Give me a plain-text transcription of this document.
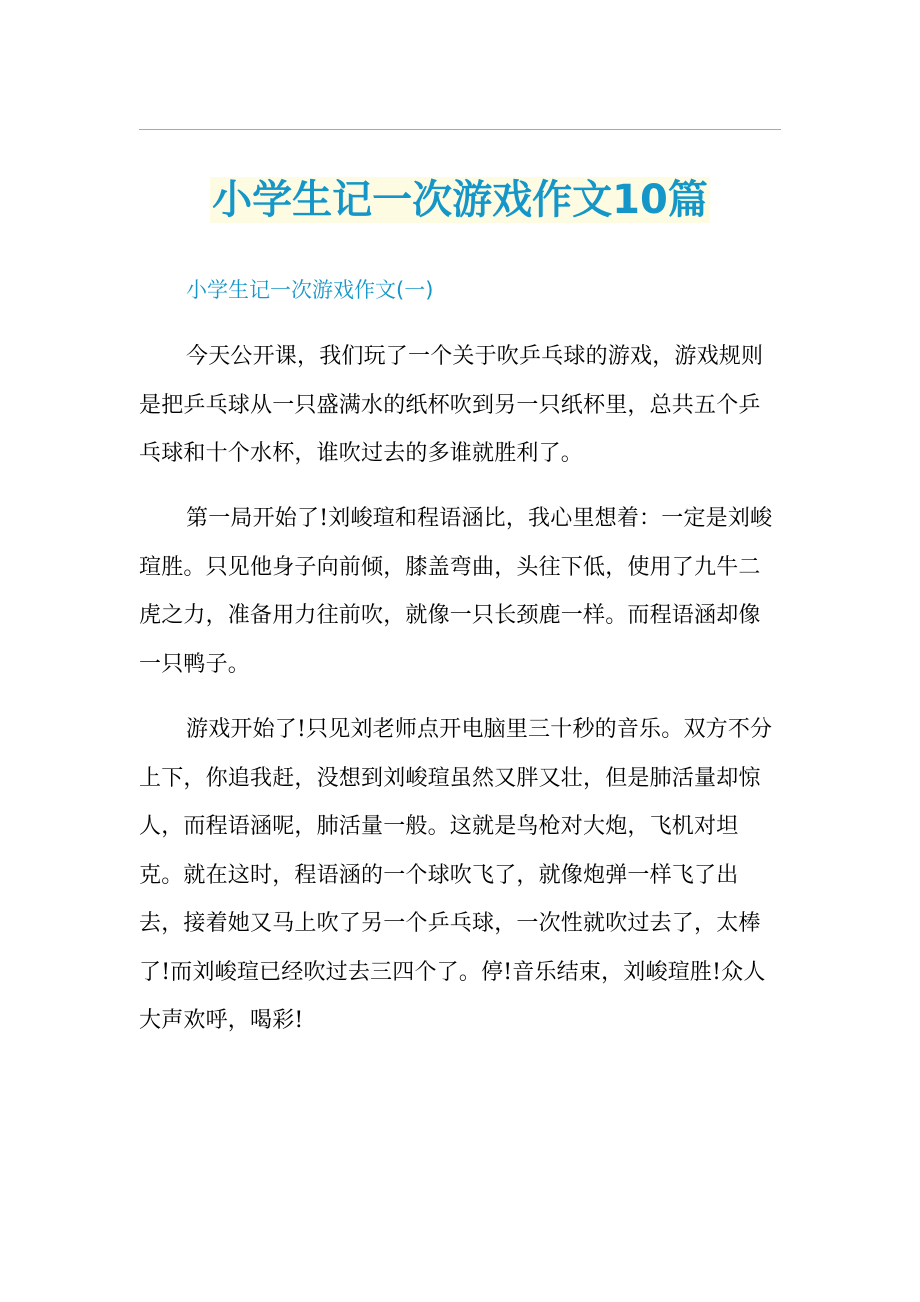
小学生记一次游戏作文10篇
小学生记一次游戏作文(一)

今天公开课，我们玩了一个关于吹乒乓球的游戏，游戏规则是把乒乓球从一只盛满水的纸杯吹到另一只纸杯里，总共五个乒乓球和十个水杯，谁吹过去的多谁就胜利了。

第一局开始了!刘峻瑄和程语涵比，我心里想着：一定是刘峻瑄胜。只见他身子向前倾，膝盖弯曲，头往下低，使用了九牛二虎之力，准备用力往前吹，就像一只长颈鹿一样。而程语涵却像一只鸭子。

游戏开始了!只见刘老师点开电脑里三十秒的音乐。双方不分上下，你追我赶，没想到刘峻瑄虽然又胖又壮，但是肺活量却惊人，而程语涵呢，肺活量一般。这就是鸟枪对大炮，飞机对坦克。就在这时，程语涵的一个球吹飞了，就像炮弹一样飞了出去，接着她又马上吹了另一个乒乓球，一次性就吹过去了，太棒了!而刘峻瑄已经吹过去三四个了。停!音乐结束，刘峻瑄胜!众人大声欢呼，喝彩!
